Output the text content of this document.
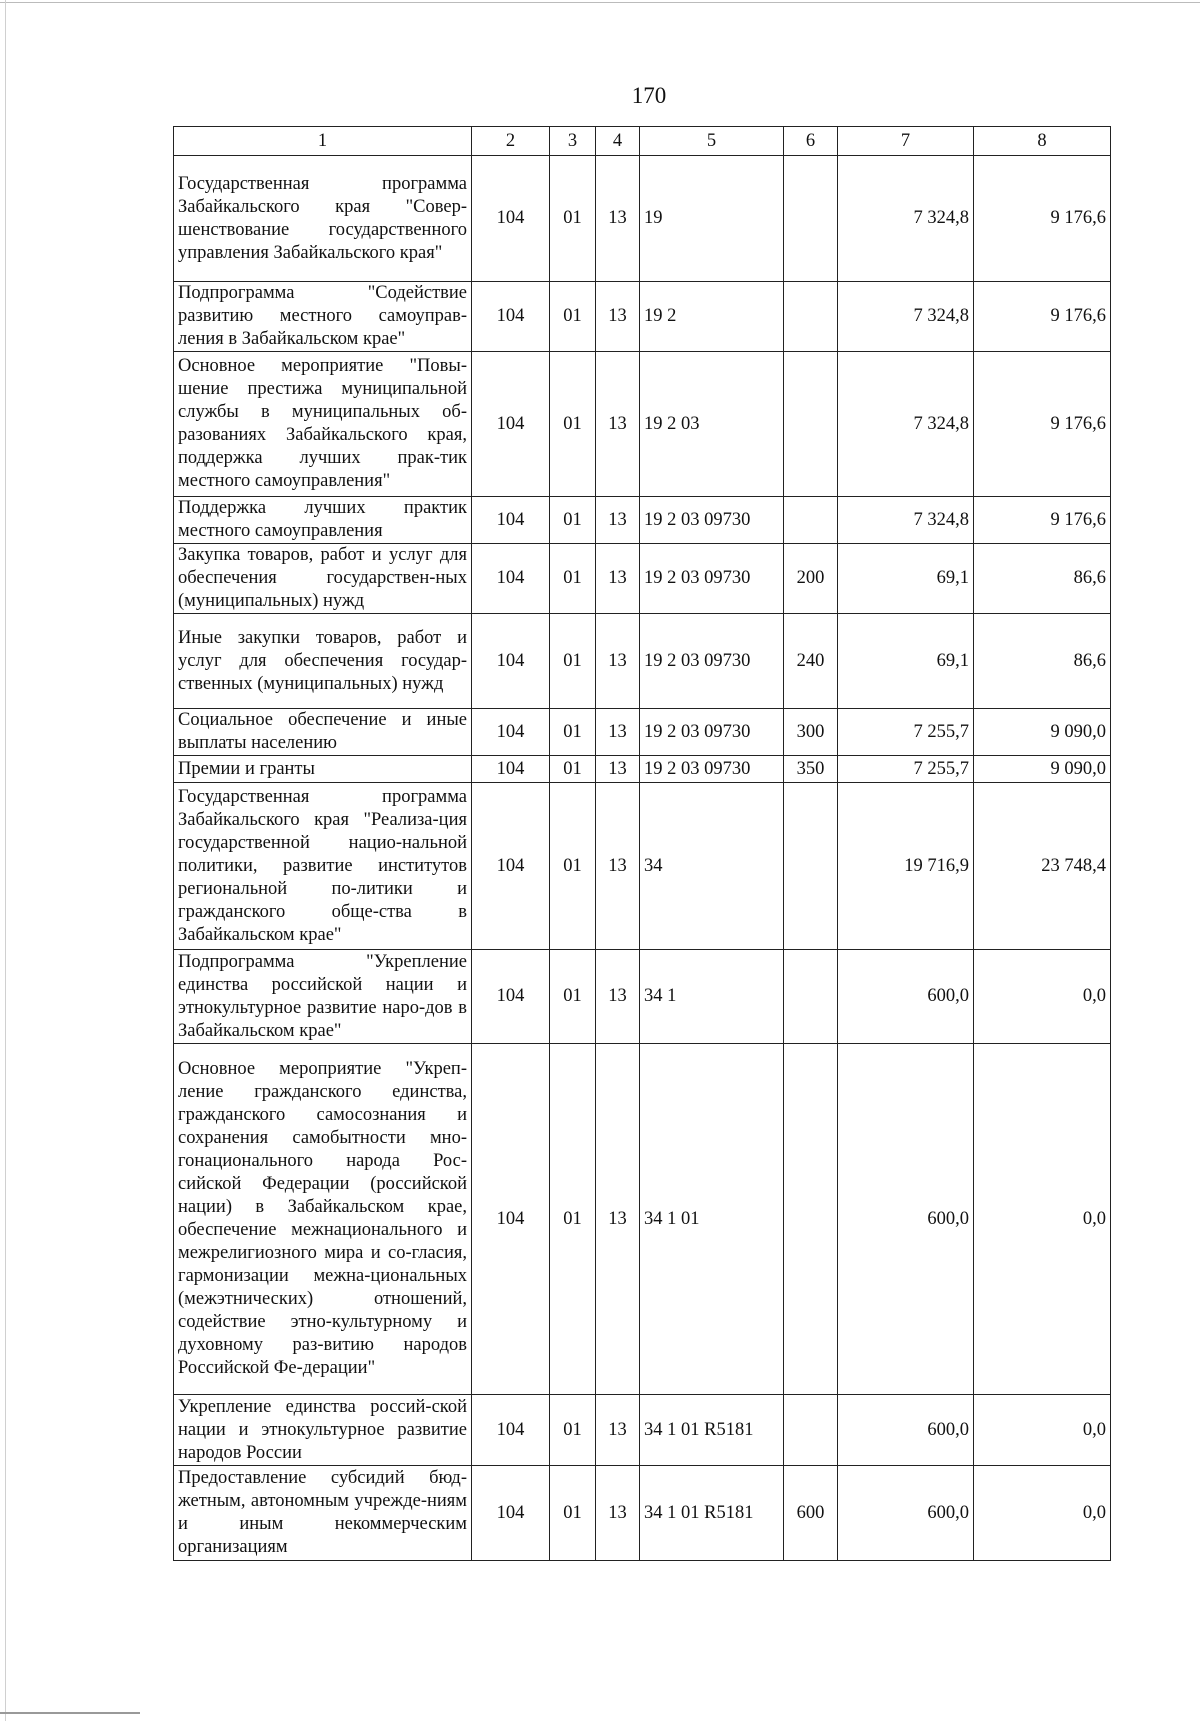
170
1	2	3	4	5	6	7	8
Государственная программа Забайкальского края "Совер-шенствование государственного управления Забайкальского края"	104	01	13	19		7 324,8	9 176,6
Подпрограмма "Содействие развитию местного самоуправ-ления в Забайкальском крае"	104	01	13	19 2		7 324,8	9 176,6
Основное мероприятие "Повы-шение престижа муниципальной службы в муниципальных об-разованиях Забайкальского края, поддержка лучших прак-тик местного самоуправления"	104	01	13	19 2 03		7 324,8	9 176,6
Поддержка лучших практик местного самоуправления	104	01	13	19 2 03 09730		7 324,8	9 176,6
Закупка товаров, работ и услуг для обеспечения государствен-ных (муниципальных) нужд	104	01	13	19 2 03 09730	200	69,1	86,6
Иные закупки товаров, работ и услуг для обеспечения государ-ственных (муниципальных) нужд	104	01	13	19 2 03 09730	240	69,1	86,6
Социальное обеспечение и иные выплаты населению	104	01	13	19 2 03 09730	300	7 255,7	9 090,0
Премии и гранты	104	01	13	19 2 03 09730	350	7 255,7	9 090,0
Государственная программа Забайкальского края "Реализа-ция государственной нацио-нальной политики, развитие институтов региональной по-литики и гражданского обще-ства в Забайкальском крае"	104	01	13	34		19 716,9	23 748,4
Подпрограмма "Укрепление единства российской нации и этнокультурное развитие наро-дов в Забайкальском крае"	104	01	13	34 1		600,0	0,0
Основное мероприятие "Укреп-ление гражданского единства, гражданского самосознания и сохранения самобытности мно-гонационального народа Рос-сийской Федерации (российской нации) в Забайкальском крае, обеспечение межнационального и межрелигиозного мира и со-гласия, гармонизации межна-циональных (межэтнических) отношений, содействие этно-культурному и духовному раз-витию народов Российской Фе-дерации"	104	01	13	34 1 01		600,0	0,0
Укрепление единства россий-ской нации и этнокультурное развитие народов России	104	01	13	34 1 01 R5181		600,0	0,0
Предоставление субсидий бюд-жетным, автономным учрежде-ниям и иным некоммерческим организациям	104	01	13	34 1 01 R5181	600	600,0	0,0
